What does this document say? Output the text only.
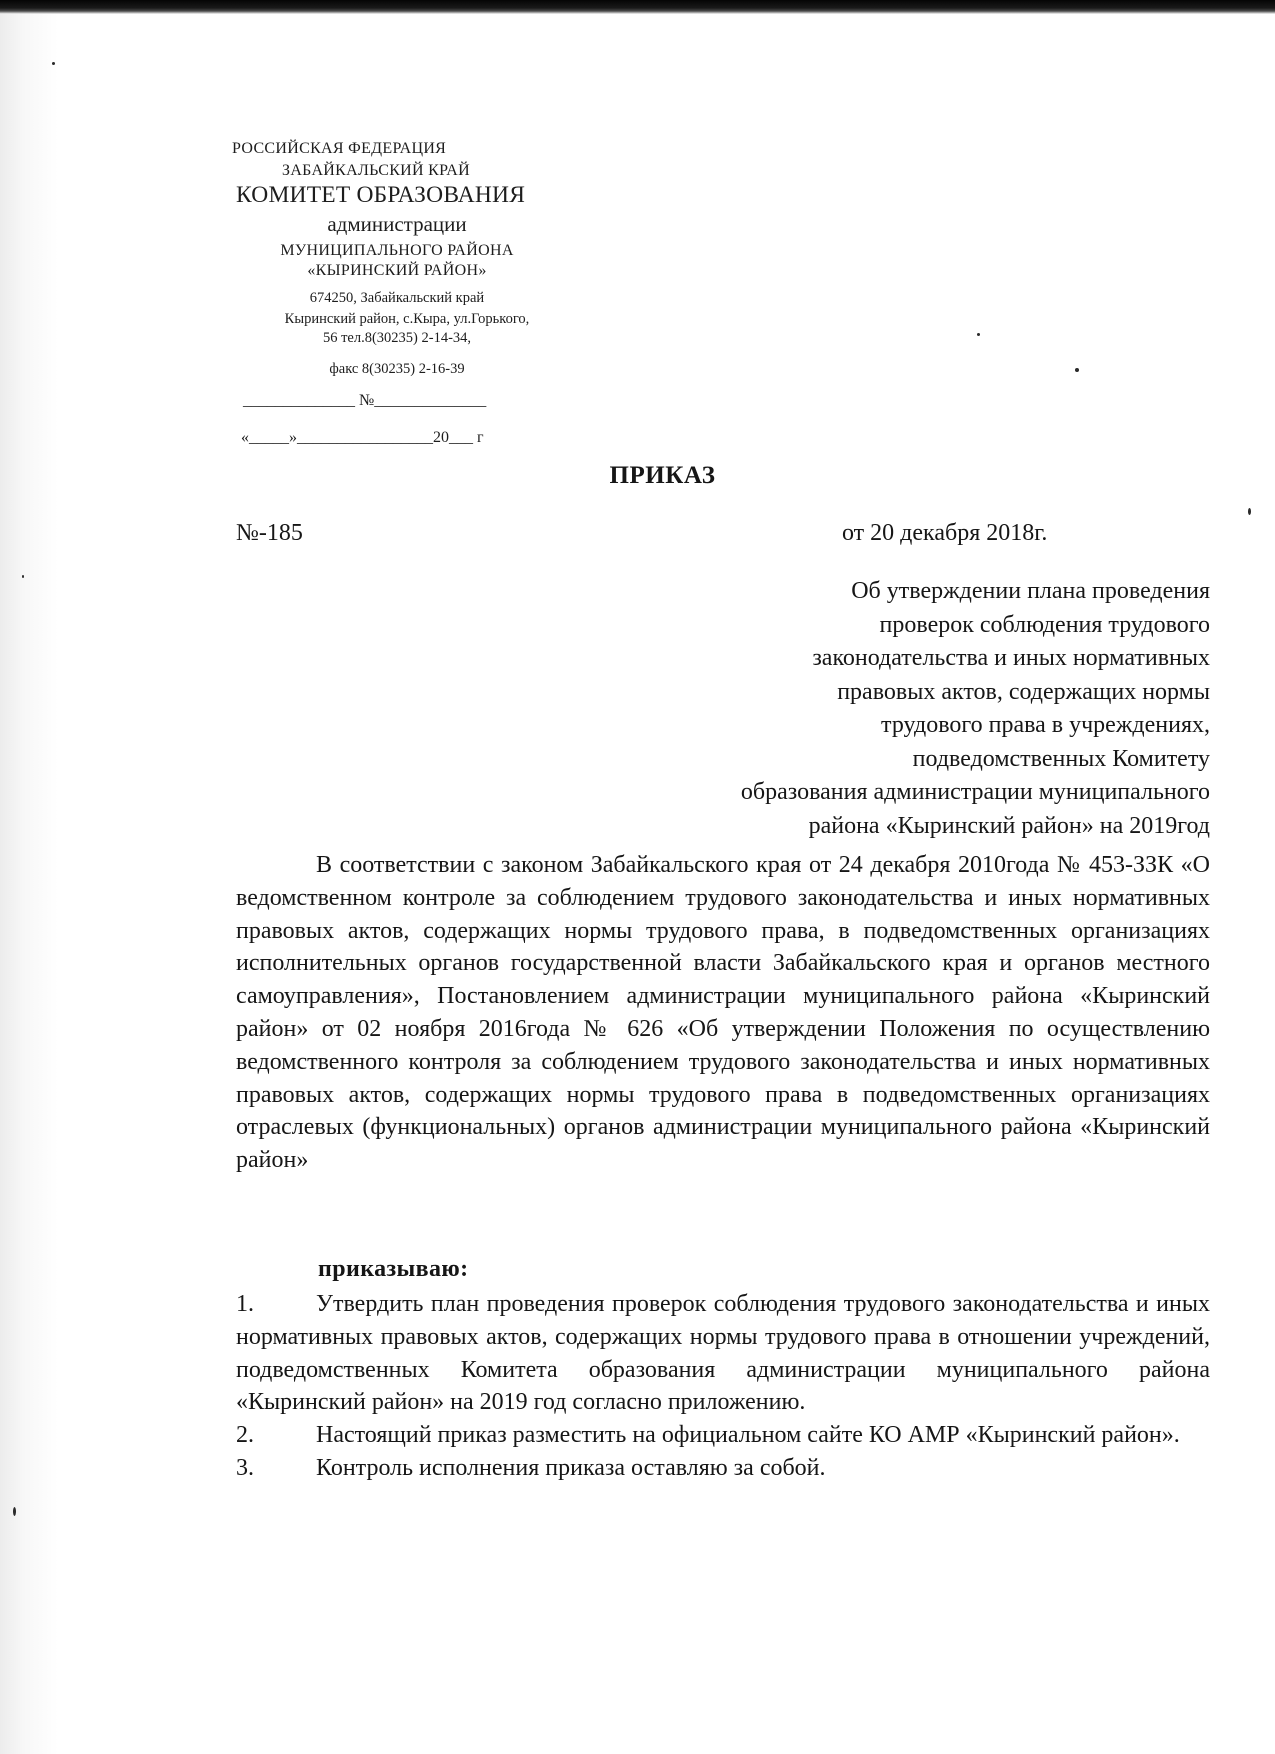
РОССИЙСКАЯ ФЕДЕРАЦИЯ
ЗАБАЙКАЛЬСКИЙ КРАЙ
КОМИТЕТ ОБРАЗОВАНИЯ
администрации
МУНИЦИПАЛЬНОГО РАЙОНА
«КЫРИНСКИЙ РАЙОН»
674250, Забайкальский край
Кыринский район, с.Кыра, ул.Горького,
56 тел.8(30235) 2-14-34,
факс 8(30235) 2-16-39
______________ №______________
«_____»_________________20___ г
ПРИКАЗ
№-185	от 20 декабря 2018г.
Об утверждении плана проведения
проверок соблюдения трудового
законодательства и иных нормативных
правовых актов, содержащих нормы
трудового права в учреждениях,
подведомственных Комитету
образования администрации муниципального
района «Кыринский район» на 2019год

В соответствии с законом Забайкальского края от 24 декабря 2010года № 453-ЗЗК «О ведомственном контроле за соблюдением трудового законодательства и иных нормативных правовых актов, содержащих нормы трудового права, в подведомственных организациях исполнительных органов государственной власти Забайкальского края и органов местного самоуправления», Постановлением администрации муниципального района «Кыринский район» от 02 ноября 2016года № 626 «Об утверждении Положения по осуществлению ведомственного контроля за соблюдением трудового законодательства и иных нормативных правовых актов, содержащих нормы трудового права в подведомственных организациях отраслевых (функциональных) органов администрации муниципального района «Кыринский район»

приказываю:

1.	Утвердить план проведения проверок соблюдения трудового законодательства и иных нормативных правовых актов, содержащих нормы трудового права в отношении учреждений, подведомственных Комитета образования администрации муниципального района «Кыринский район» на 2019 год согласно приложению.

2.	Настоящий приказ разместить на официальном сайте КО АМР «Кыринский район».

3.	Контроль исполнения приказа оставляю за собой.
